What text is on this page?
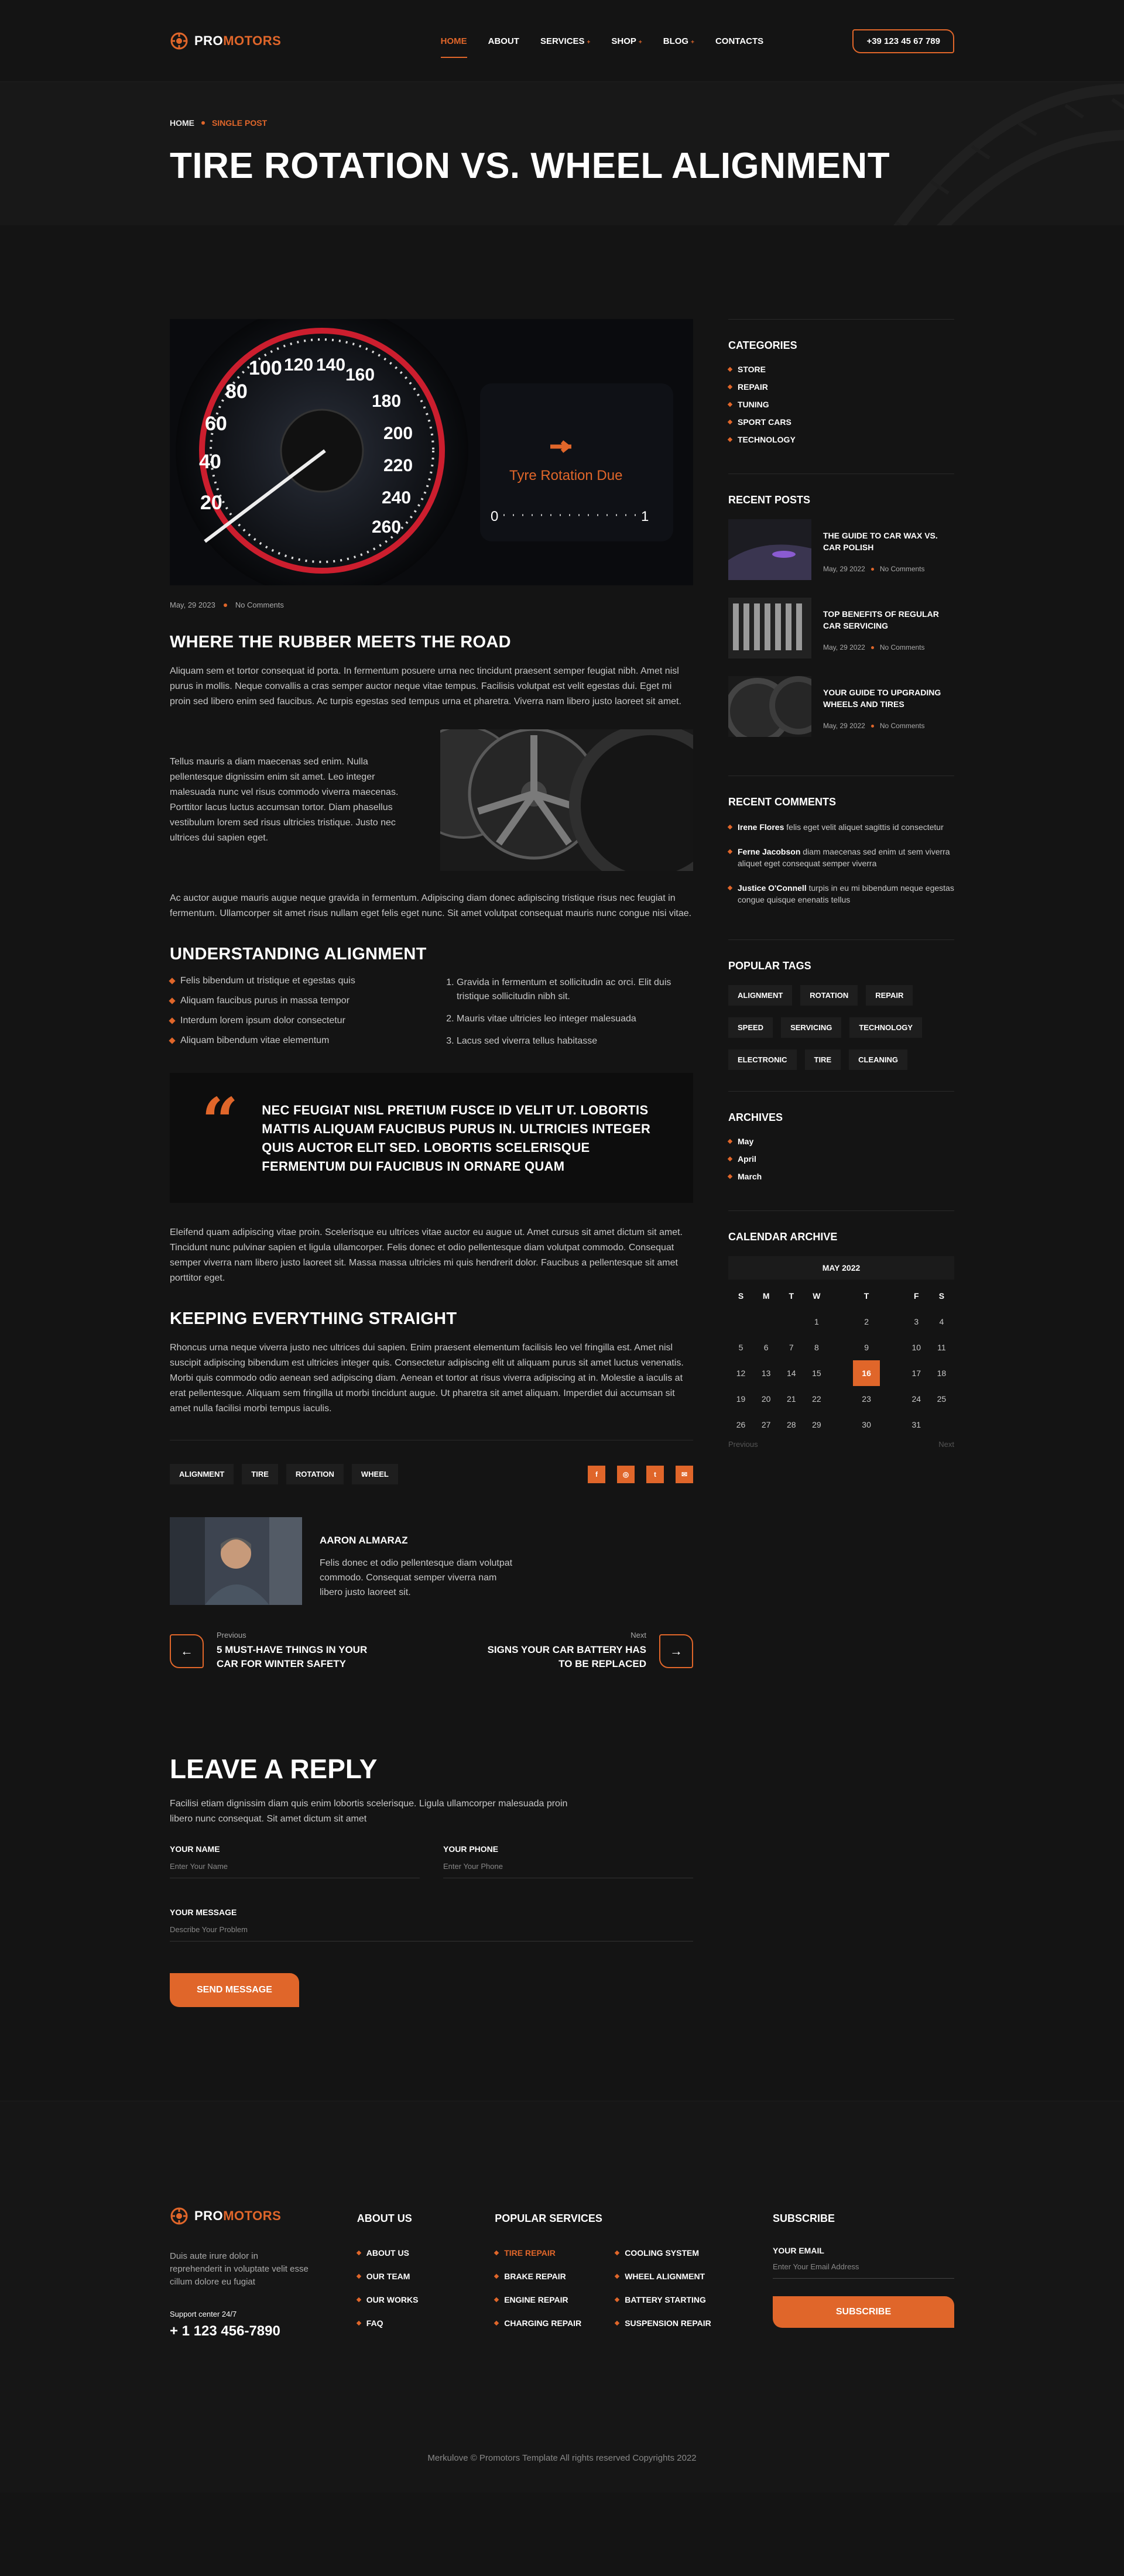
PROMOTORS	HOME ABOUT SERVICES + SHOP + BLOG + CONTACTS	+39 123 45 67 789
HOME SINGLE POST
TIRE ROTATION VS. WHEEL ALIGNMENT
20
40
60
80
100 120 140
160
180
200
220
240
260
Tyre Rotation Due
0	1
May, 29 2023	No Comments
WHERE THE RUBBER MEETS THE ROAD

Aliquam sem et tortor consequat id porta. In fermentum posuere urna nec tincidunt praesent semper feugiat nibh. Amet nisl purus in mollis. Neque convallis a cras semper auctor neque vitae tempus. Facilisis volutpat est velit egestas dui. Eget mi proin sed libero enim sed faucibus. Ac turpis egestas sed tempus urna et pharetra. Viverra nam libero justo laoreet sit amet.

Tellus mauris a diam maecenas sed enim. Nulla pellentesque dignissim enim sit amet. Leo integer malesuada nunc vel risus commodo viverra maecenas. Porttitor lacus luctus accumsan tortor. Diam phasellus vestibulum lorem sed risus ultricies tristique. Justo nec ultrices dui sapien eget.

Ac auctor augue mauris augue neque gravida in fermentum. Adipiscing diam donec adipiscing tristique risus nec feugiat in fermentum. Ullamcorper sit amet risus nullam eget felis eget nunc. Sit amet volutpat consequat mauris nunc congue nisi vitae.

UNDERSTANDING ALIGNMENT
Felis bibendum ut tristique et egestas quis
Aliquam faucibus purus in massa tempor
Interdum lorem ipsum dolor consectetur
Aliquam bibendum vitae elementum
1. Gravida in fermentum et sollicitudin ac orci. Elit duis tristique sollicitudin nibh sit.
2. Mauris vitae ultricies leo integer malesuada
3. Lacus sed viverra tellus habitasse
“ NEC FEUGIAT NISL PRETIUM FUSCE ID VELIT UT. LOBORTIS MATTIS ALIQUAM FAUCIBUS PURUS IN. ULTRICIES INTEGER QUIS AUCTOR ELIT SED. LOBORTIS SCELERISQUE FERMENTUM DUI FAUCIBUS IN ORNARE QUAM

Eleifend quam adipiscing vitae proin. Scelerisque eu ultrices vitae auctor eu augue ut. Amet cursus sit amet dictum sit amet. Tincidunt nunc pulvinar sapien et ligula ullamcorper. Felis donec et odio pellentesque diam volutpat commodo. Consequat semper viverra nam libero justo laoreet sit. Massa massa ultricies mi quis hendrerit dolor. Faucibus a pellentesque sit amet porttitor eget.

KEEPING EVERYTHING STRAIGHT

Rhoncus urna neque viverra justo nec ultrices dui sapien. Enim praesent elementum facilisis leo vel fringilla est. Amet nisl suscipit adipiscing bibendum est ultricies integer quis. Consectetur adipiscing elit ut aliquam purus sit amet luctus venenatis. Morbi quis commodo odio aenean sed adipiscing diam. Aenean et tortor at risus viverra adipiscing at in. Molestie a iaculis at erat pellentesque. Aliquam sem fringilla ut morbi tincidunt augue. Ut pharetra sit amet aliquam. Imperdiet dui accumsan sit amet nulla facilisi morbi tempus iaculis.

ALIGNMENT	TIRE	ROTATION	WHEEL	f	◎	t	✉
AARON ALMARAZ

Felis donec et odio pellentesque diam volutpat commodo. Consequat semper viverra nam libero justo laoreet sit.

←
Previous
5 MUST-HAVE THINGS IN YOUR CAR FOR WINTER SAFETY
Next
SIGNS YOUR CAR BATTERY HAS TO BE REPLACED
→
CATEGORIES
STORE
REPAIR
TUNING
SPORT CARS
TECHNOLOGY
RECENT POSTS
THE GUIDE TO CAR WAX VS. CAR POLISH
May, 29 2022 No Comments
TOP BENEFITS OF REGULAR CAR SERVICING
May, 29 2022 No Comments
YOUR GUIDE TO UPGRADING WHEELS AND TIRES
May, 29 2022 No Comments
RECENT COMMENTS
Irene Flores felis eget velit aliquet sagittis id consectetur
Ferne Jacobson diam maecenas sed enim ut sem viverra aliquet eget consequat semper viverra
Justice O'Connell turpis in eu mi bibendum neque egestas congue quisque enenatis tellus
POPULAR TAGS
ALIGNMENT	ROTATION	REPAIR
SPEED	SERVICING	TECHNOLOGY
ELECTRONIC	TIRE	CLEANING
ARCHIVES
May
April
March
CALENDAR ARCHIVE
MAY 2022
S	M	T	W	T	F	S
			1	2	3	4
5	6	7	8	9	10	11
12	13	14	15	16	17	18
19	20	21	22	23	24	25
26	27	28	29	30	31	
Previous	Next
LEAVE A REPLY

Facilisi etiam dignissim diam quis enim lobortis scelerisque. Ligula ullamcorper malesuada proin libero nunc consequat. Sit amet dictum sit amet

YOUR NAME
Enter Your Name	YOUR PHONE
Enter Your Phone
YOUR MESSAGE
Describe Your Problem
SEND MESSAGE
PROMOTORS

Duis aute irure dolor in reprehenderit in voluptate velit esse cillum dolore eu fugiat

Support center 24/7
+ 1 123 456-7890
ABOUT US
ABOUT US
OUR TEAM
OUR WORKS
FAQ
POPULAR SERVICES
TIRE REPAIR
BRAKE REPAIR
ENGINE REPAIR
CHARGING REPAIR
COOLING SYSTEM
WHEEL ALIGNMENT
BATTERY STARTING
SUSPENSION REPAIR
SUBSCRIBE
YOUR EMAIL
Enter Your Email Address SUBSCRIBE
Merkulove © Promotors Template All rights reserved Copyrights 2022
